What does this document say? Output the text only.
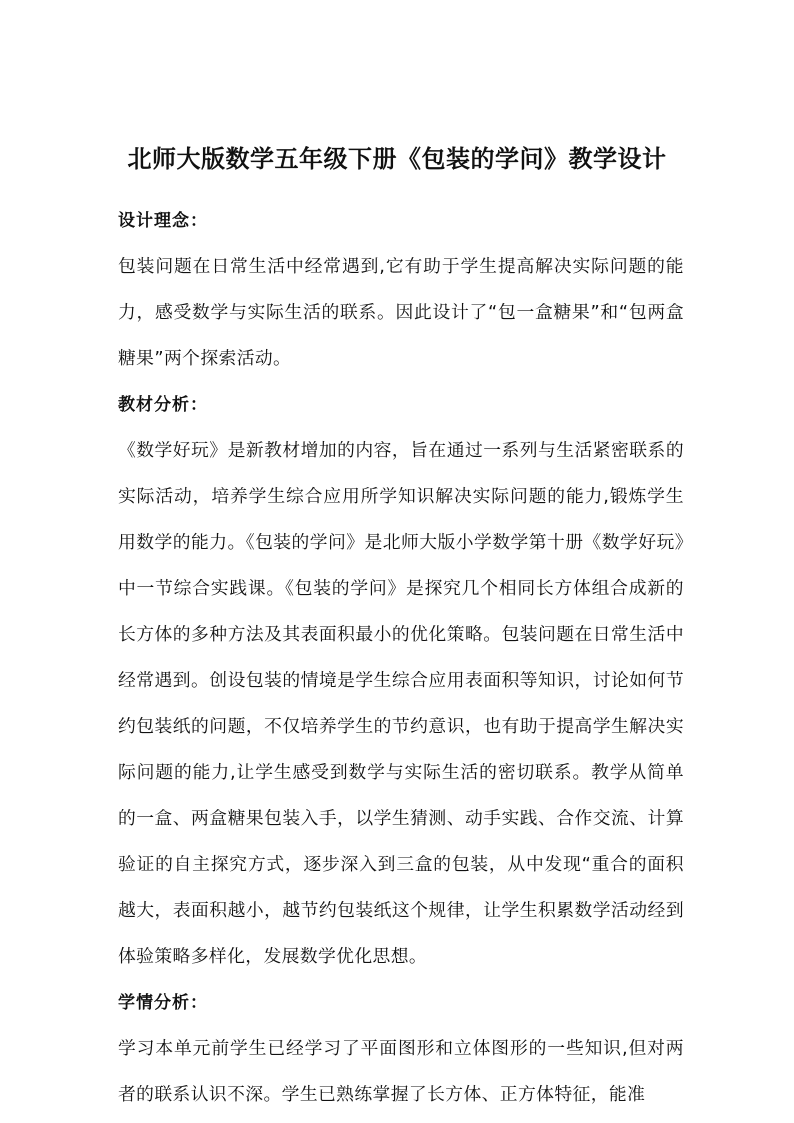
北师大版数学五年级下册《包装的学问》教学设计
设计理念：

包装问题在日常生活中经常遇到,它有助于学生提高解决实际问题的能力，感受数学与实际生活的联系。因此设计了“包一盒糖果”和“包两盒糖果”两个探索活动。

教材分析：

《数学好玩》是新教材增加的内容，旨在通过一系列与生活紧密联系的实际活动，培养学生综合应用所学知识解决实际问题的能力,锻炼学生用数学的能力。《包装的学问》是北师大版小学数学第十册《数学好玩》中一节综合实践课。《包装的学问》是探究几个相同长方体组合成新的长方体的多种方法及其表面积最小的优化策略。包装问题在日常生活中经常遇到。创设包装的情境是学生综合应用表面积等知识，讨论如何节约包装纸的问题，不仅培养学生的节约意识，也有助于提高学生解决实际问题的能力,让学生感受到数学与实际生活的密切联系。教学从简单的一盒、两盒糖果包装入手，以学生猜测、动手实践、合作交流、计算验证的自主探究方式，逐步深入到三盒的包装，从中发现“重合的面积越大，表面积越小，越节约包装纸这个规律，让学生积累数学活动经到体验策略多样化，发展数学优化思想。

学情分析：

学习本单元前学生已经学习了平面图形和立体图形的一些知识,但对两者的联系认识不深。学生已熟练掌握了长方体、正方体特征，能准
